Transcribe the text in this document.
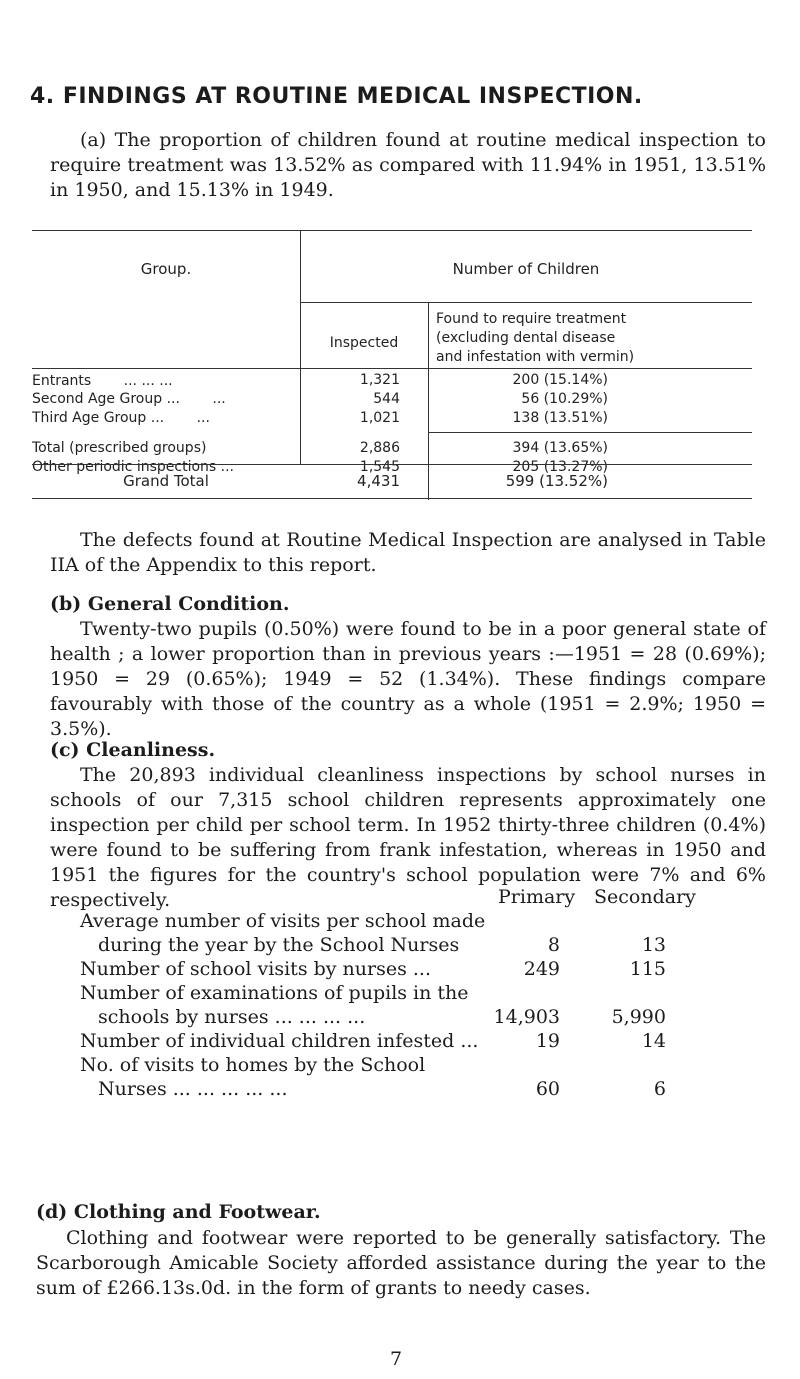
4. FINDINGS AT ROUTINE MEDICAL INSPECTION.
(a) The proportion of children found at routine medical inspection to require treatment was 13.52% as compared with 11.94% in 1951, 13.51% in 1950, and 15.13% in 1949.
Group.	Number of Children
Inspected
Found to require treatment
(excluding dental disease
and infestation with vermin)
Entrants ... ... ...	1,321	200 (15.14%)
Second Age Group ... ...	544	56 (10.29%)
Third Age Group ... ...	1,021	138 (13.51%)
Total (prescribed groups)	2,886	394 (13.65%)
Other periodic inspections ...	1,545	205 (13.27%)
Grand Total	4,431	599 (13.52%)
The defects found at Routine Medical Inspection are analysed in Table IIA of the Appendix to this report.
(b) General Condition.
Twenty-two pupils (0.50%) were found to be in a poor general state of health ; a lower proportion than in previous years :—1951 = 28 (0.69%); 1950 = 29 (0.65%); 1949 = 52 (1.34%). These findings compare favourably with those of the country as a whole (1951 = 2.9%; 1950 = 3.5%).
(c) Cleanliness.
The 20,893 individual cleanliness inspections by school nurses in schools of our 7,315 school children represents approximately one inspection per child per school term. In 1952 thirty-three children (0.4%) were found to be suffering from frank infestation, whereas in 1950 and 1951 the figures for the country's school population were 7% and 6% respectively.	Primary Secondary
Average number of visits per school made
during the year by the School Nurses	8	13
Number of school visits by nurses ...	249	115
Number of examinations of pupils in the
schools by nurses ... ... ... ...	14,903	5,990
Number of individual children infested ...	19	14
No. of visits to homes by the School
Nurses ... ... ... ... ...	60	6
(d) Clothing and Footwear.
Clothing and footwear were reported to be generally satisfactory. The Scarborough Amicable Society afforded assistance during the year to the sum of £266.13s.0d. in the form of grants to needy cases.
7
